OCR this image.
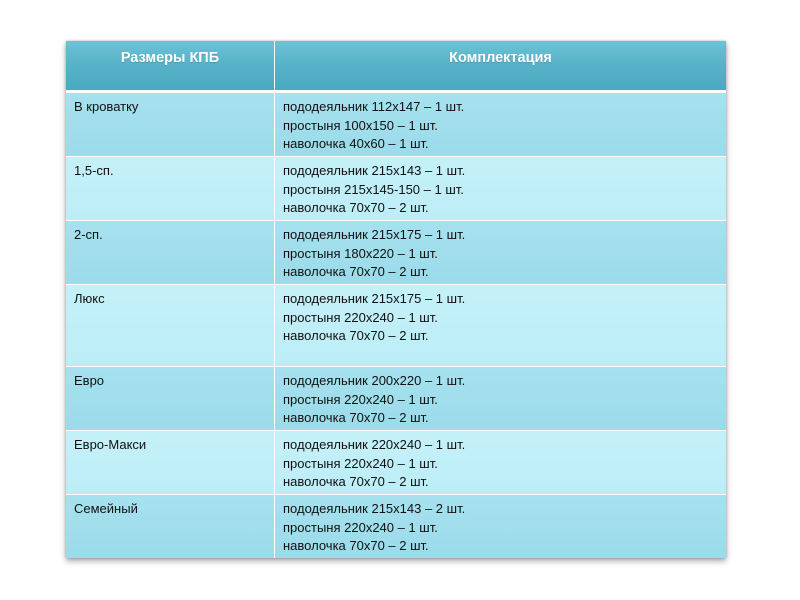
Размеры КПБ	Комплектация
В кроватку	пододеяльник 112х147 – 1 шт.
простыня 100х150 – 1 шт.
наволочка 40х60 – 1 шт.
1,5-сп.	пододеяльник 215х143 – 1 шт.
простыня 215х145-150 – 1 шт.
наволочка 70х70 – 2 шт.
2-сп.	пододеяльник 215х175 – 1 шт.
простыня 180х220 – 1 шт.
наволочка 70х70 – 2 шт.
Люкс	пододеяльник 215х175 – 1 шт.
простыня 220х240 – 1 шт.
наволочка 70х70 – 2 шт.
Евро	пододеяльник 200х220 – 1 шт.
простыня 220х240 – 1 шт.
наволочка 70х70 – 2 шт.
Евро-Макси	пододеяльник 220х240 – 1 шт.
простыня 220х240 – 1 шт.
наволочка 70х70 – 2 шт.
Семейный	пододеяльник 215х143 – 2 шт.
простыня 220х240 – 1 шт.
наволочка 70х70 – 2 шт.
